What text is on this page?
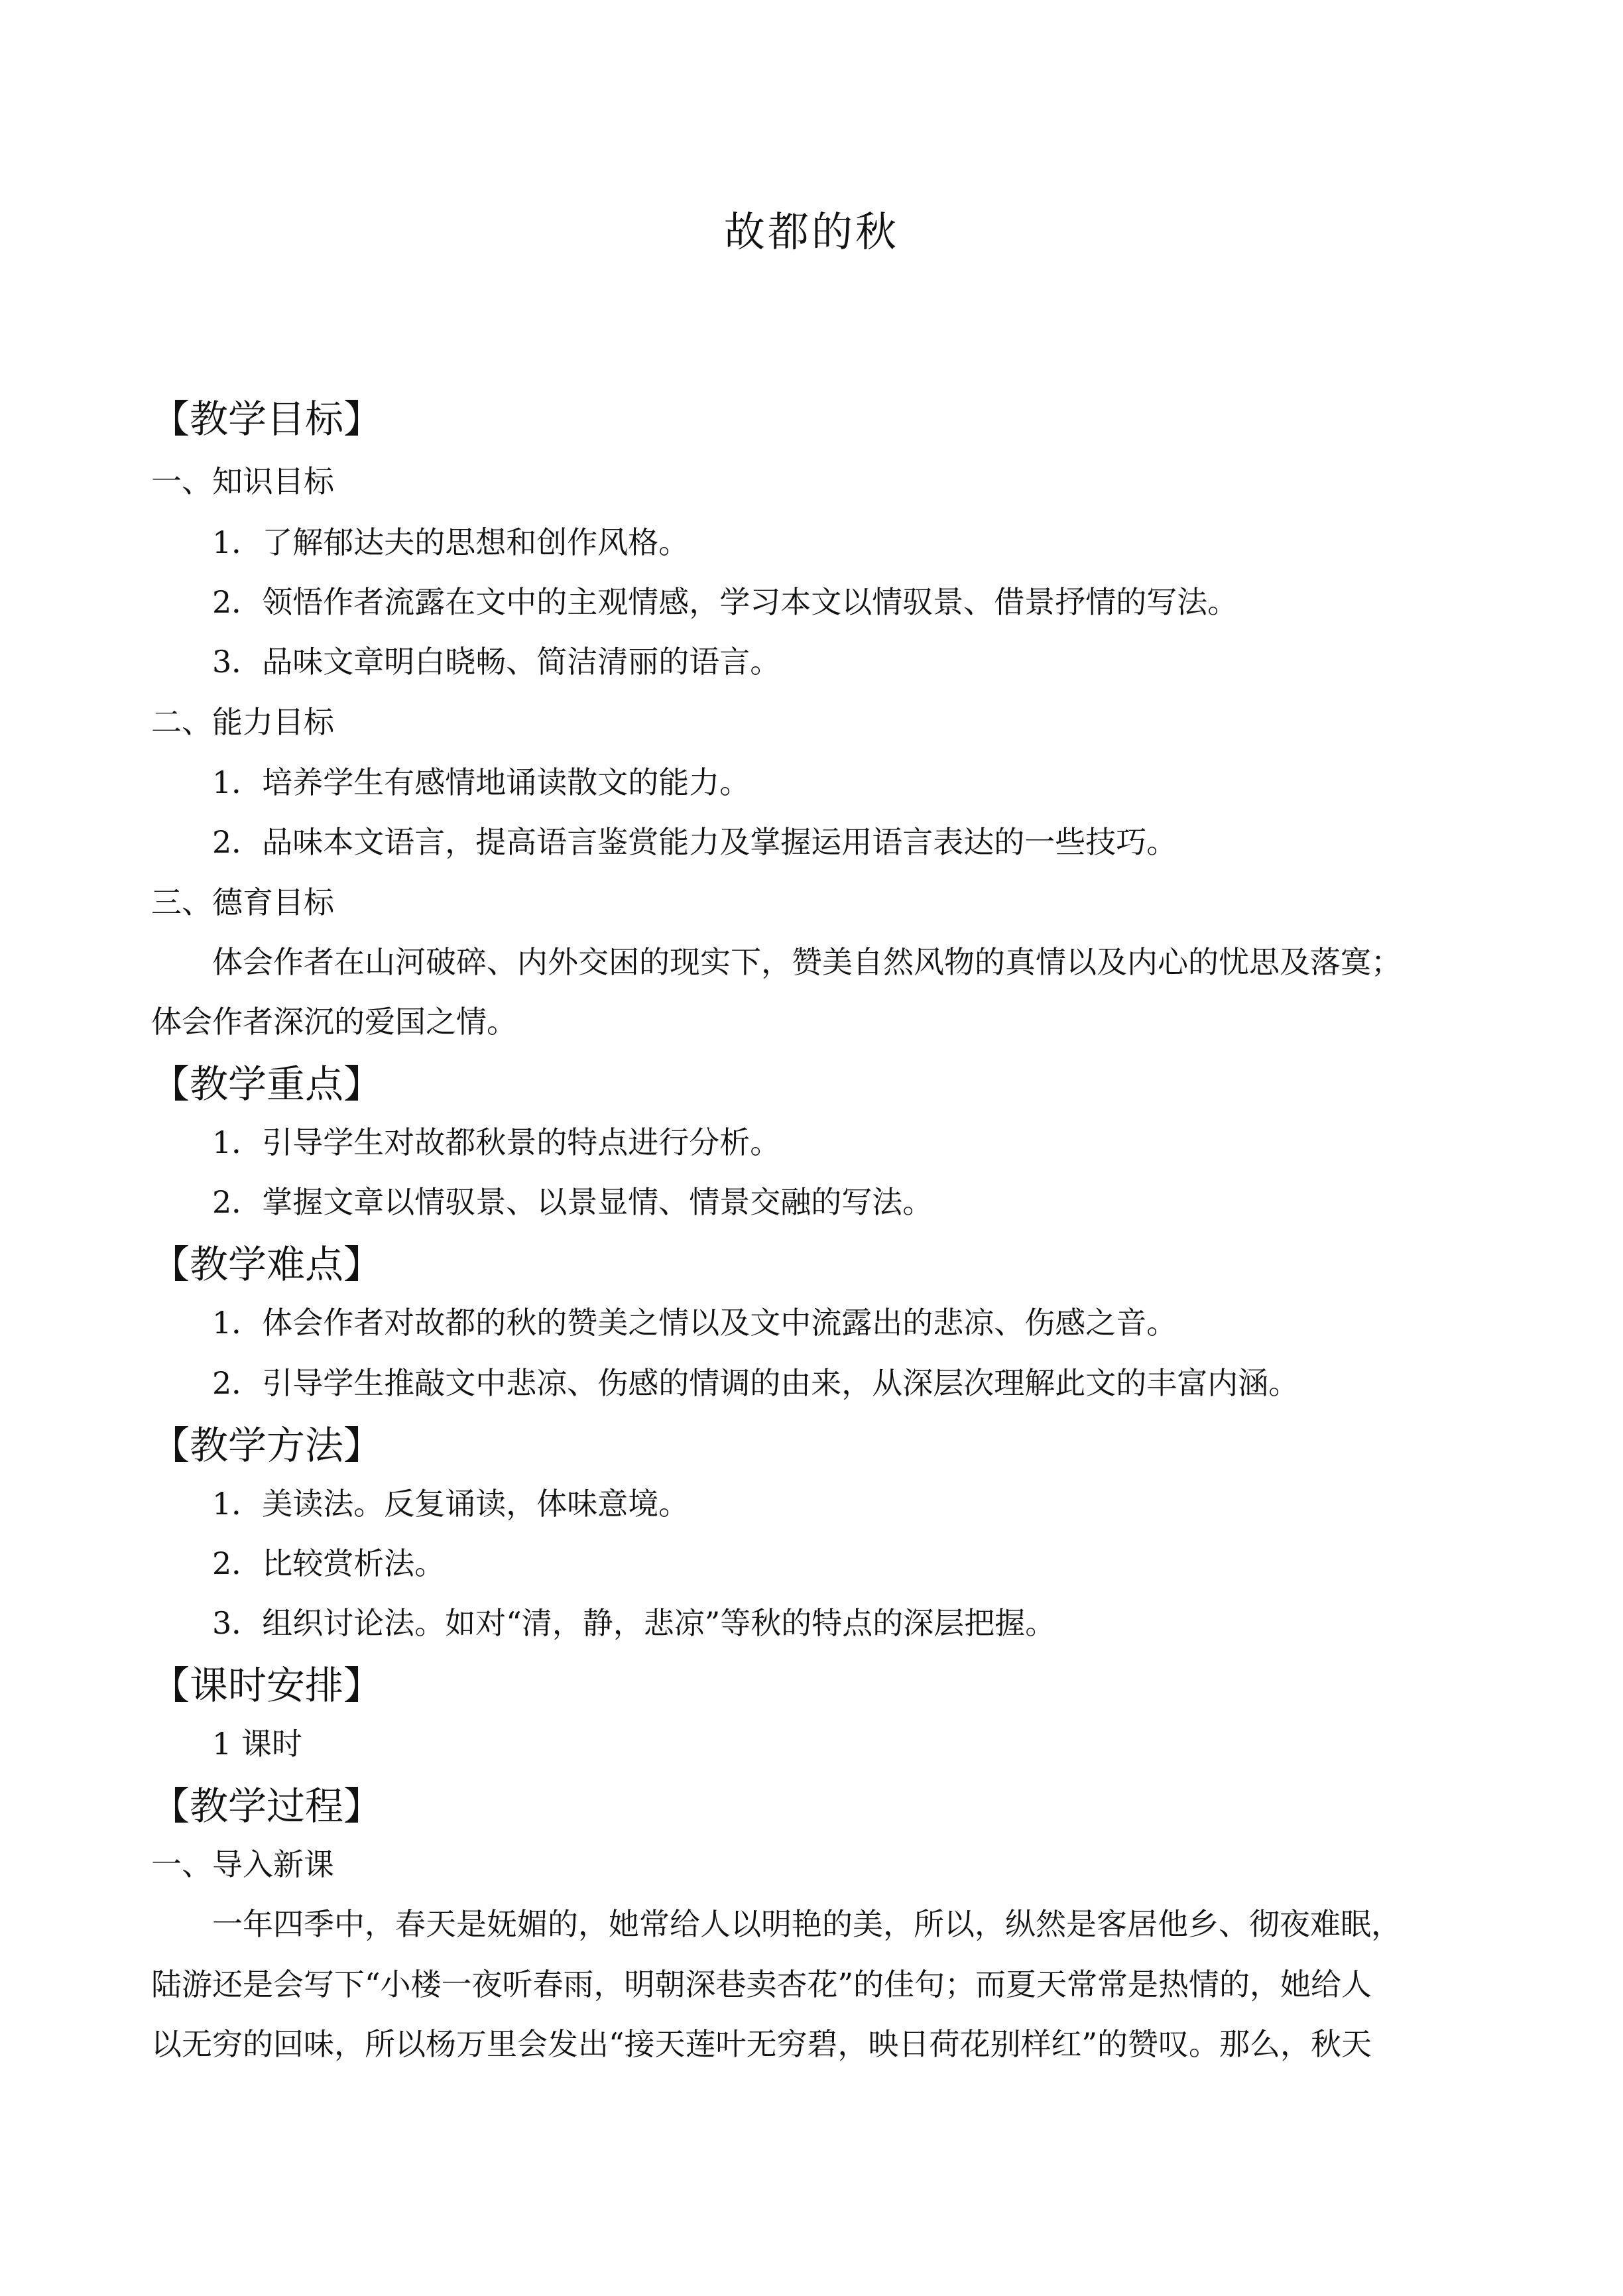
故都的秋
【教学目标】
一、知识目标
1．了解郁达夫的思想和创作风格。
2．领悟作者流露在文中的主观情感，学习本文以情驭景、借景抒情的写法。
3．品味文章明白晓畅、简洁清丽的语言。
二、能力目标
1．培养学生有感情地诵读散文的能力。
2．品味本文语言，提高语言鉴赏能力及掌握运用语言表达的一些技巧。
三、德育目标
体会作者在山河破碎、内外交困的现实下，赞美自然风物的真情以及内心的忧思及落寞；
体会作者深沉的爱国之情。
【教学重点】
1．引导学生对故都秋景的特点进行分析。
2．掌握文章以情驭景、以景显情、情景交融的写法。
【教学难点】
1．体会作者对故都的秋的赞美之情以及文中流露出的悲凉、伤感之音。
2．引导学生推敲文中悲凉、伤感的情调的由来，从深层次理解此文的丰富内涵。
【教学方法】
1．美读法。反复诵读，体味意境。
2．比较赏析法。
3．组织讨论法。如对“清，静，悲凉”等秋的特点的深层把握。
【课时安排】
1 课时
【教学过程】
一、导入新课
一年四季中，春天是妩媚的，她常给人以明艳的美，所以，纵然是客居他乡、彻夜难眠，
陆游还是会写下“小楼一夜听春雨，明朝深巷卖杏花”的佳句；而夏天常常是热情的，她给人
以无穷的回味，所以杨万里会发出“接天莲叶无穷碧，映日荷花别样红”的赞叹。那么，秋天
